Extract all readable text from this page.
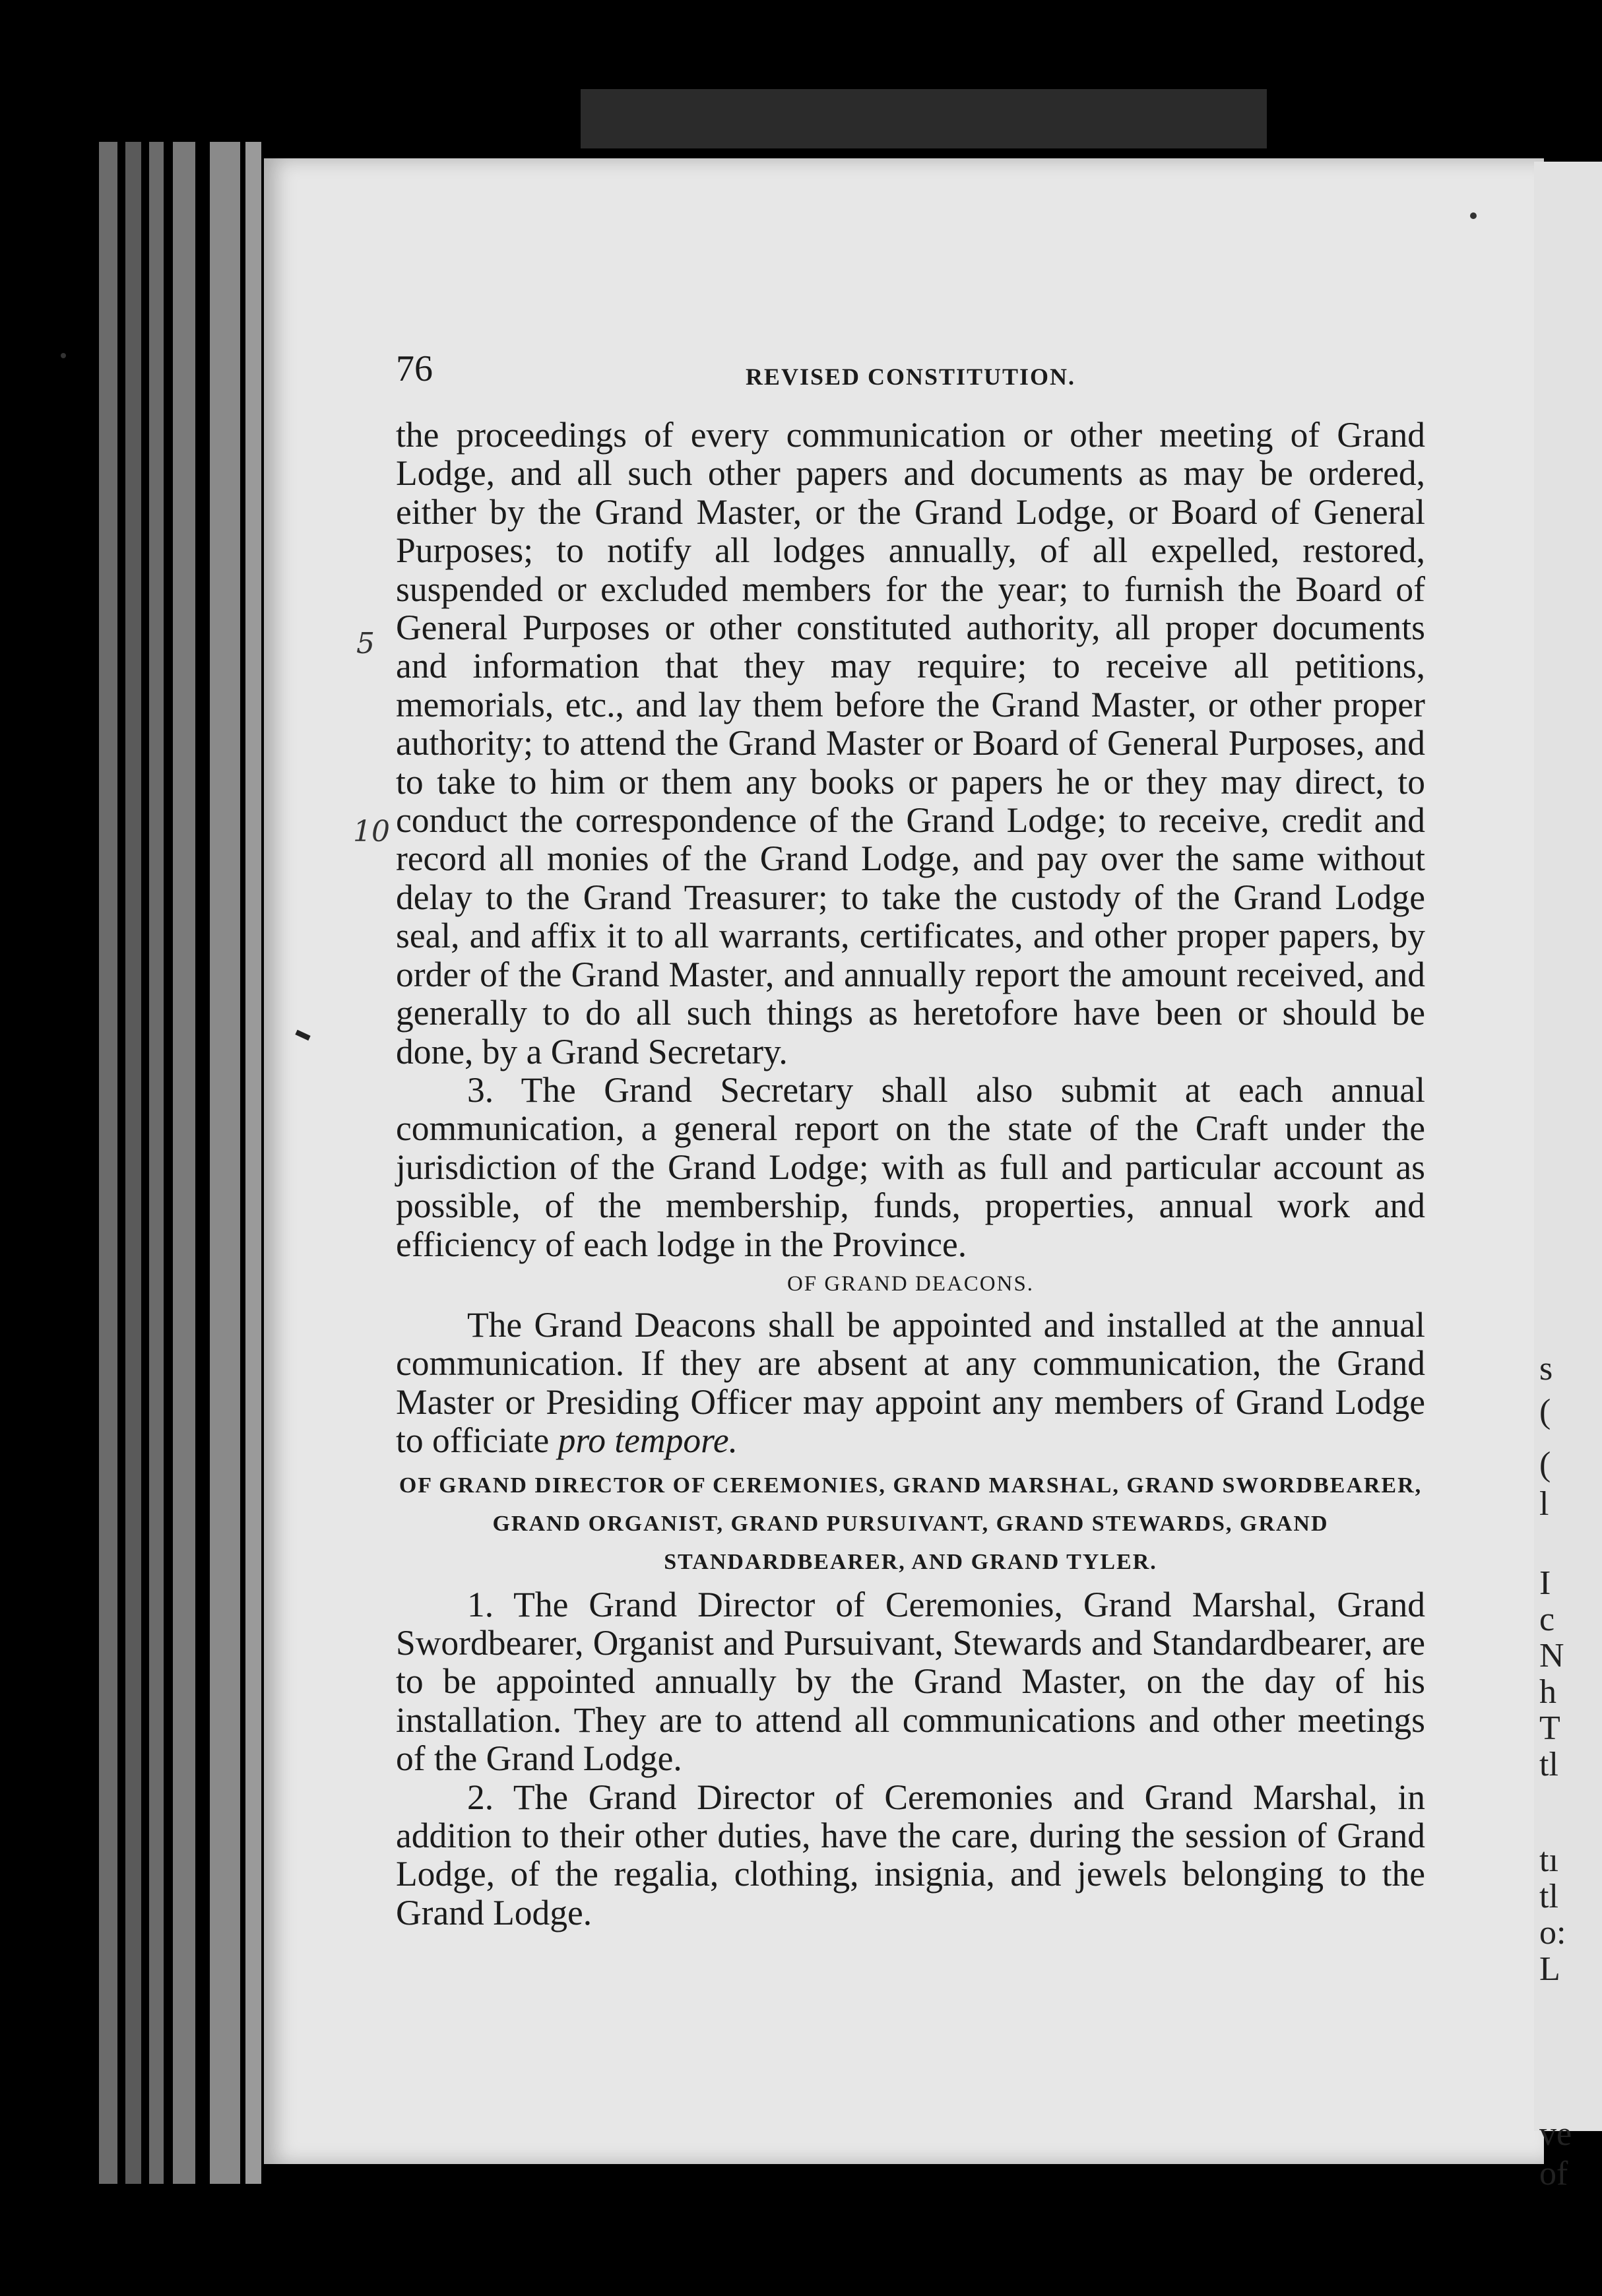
s
(
(
l
I
c
N
h
T
tl
tı
tl
o:
L
ve
of
5
10
76	REVISED CONSTITUTION.

the proceedings of every communication or other meeting of Grand Lodge, and all such other papers and documents as may be ordered, either by the Grand Master, or the Grand Lodge, or Board of General Purposes; to notify all lodges annually, of all expelled, restored, suspended or excluded members for the year; to furnish the Board of General Purposes or other constituted authority, all proper documents and information that they may require; to receive all petitions, memorials, etc., and lay them before the Grand Master, or other proper authority; to attend the Grand Master or Board of General Purposes, and to take to him or them any books or papers he or they may direct, to conduct the correspondence of the Grand Lodge; to receive, credit and record all monies of the Grand Lodge, and pay over the same without delay to the Grand Treasurer; to take the custody of the Grand Lodge seal, and affix it to all warrants, certificates, and other proper papers, by order of the Grand Master, and annually report the amount received, and generally to do all such things as heretofore have been or should be done, by a Grand Secretary.

3. The Grand Secretary shall also submit at each annual communication, a general report on the state of the Craft under the jurisdiction of the Grand Lodge; with as full and particular account as possible, of the membership, funds, properties, annual work and efficiency of each lodge in the Province.

OF GRAND DEACONS.

The Grand Deacons shall be appointed and installed at the annual communication. If they are absent at any communication, the Grand Master or Presiding Officer may appoint any members of Grand Lodge to officiate pro tempore.

OF GRAND DIRECTOR OF CEREMONIES, GRAND MARSHAL, GRAND SWORDBEARER, GRAND ORGANIST, GRAND PURSUIVANT, GRAND STEWARDS, GRAND STANDARDBEARER, AND GRAND TYLER.

1. The Grand Director of Ceremonies, Grand Marshal, Grand Swordbearer, Organist and Pursuivant, Stewards and Standardbearer, are to be appointed annually by the Grand Master, on the day of his installation. They are to attend all communications and other meetings of the Grand Lodge.

2. The Grand Director of Ceremonies and Grand Marshal, in addition to their other duties, have the care, during the session of Grand Lodge, of the regalia, clothing, insignia, and jewels belonging to the Grand Lodge.
